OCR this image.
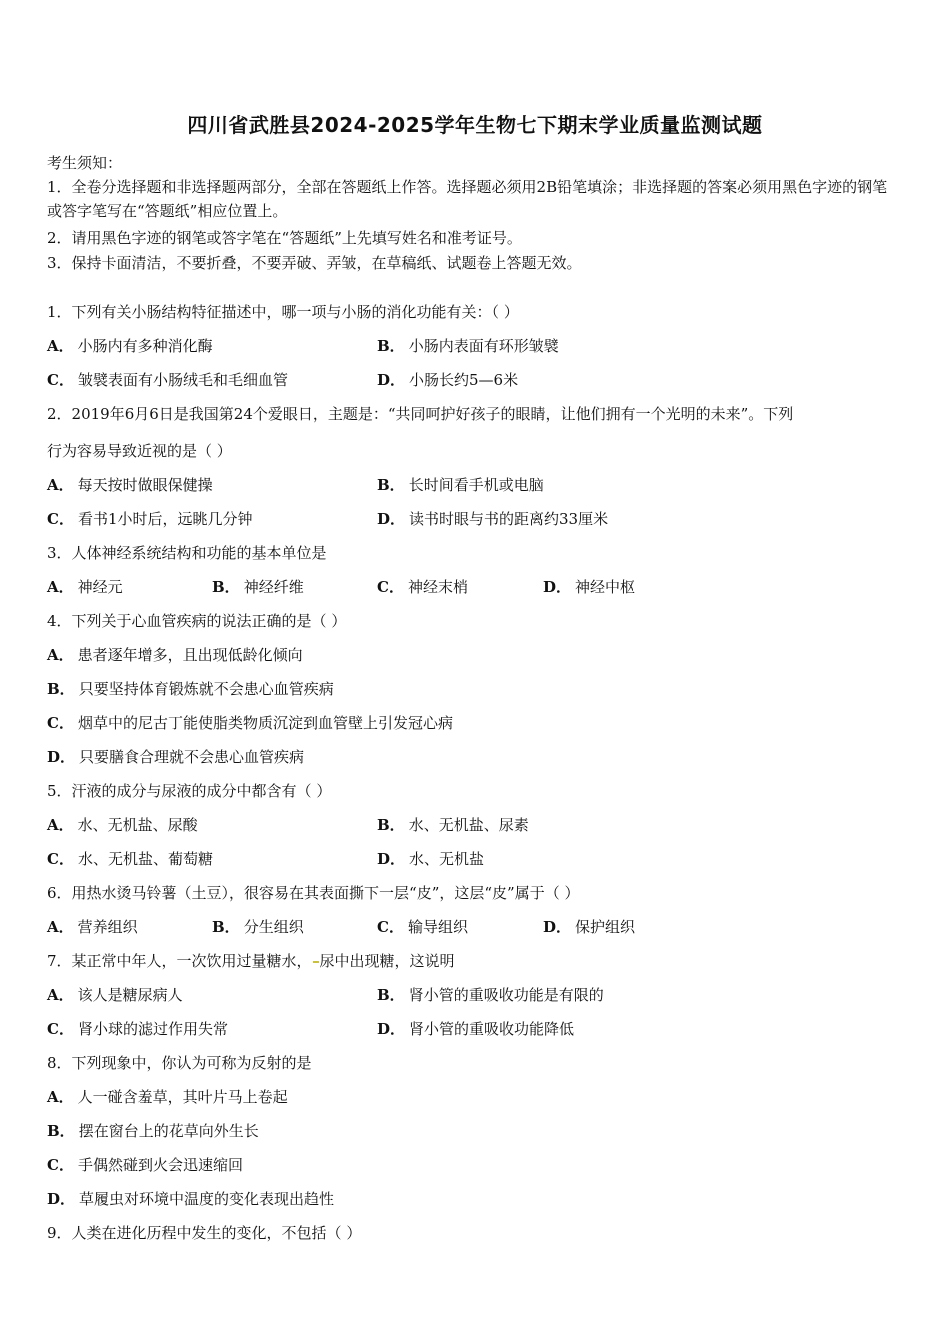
四川省武胜县2024-2025学年生物七下期末学业质量监测试题
考生须知：
1．全卷分选择题和非选择题两部分，全部在答题纸上作答。选择题必须用2B铅笔填涂；非选择题的答案必须用黑色字迹的钢笔或答字笔写在“答题纸”相应位置上。
2．请用黑色字迹的钢笔或答字笔在“答题纸”上先填写姓名和准考证号。
3．保持卡面清洁，不要折叠，不要弄破、弄皱，在草稿纸、试题卷上答题无效。
1．下列有关小肠结构特征描述中，哪一项与小肠的消化功能有关：（ ）
A． 小肠内有多种消化酶	B． 小肠内表面有环形皱襞
C． 皱襞表面有小肠绒毛和毛细血管	D． 小肠长约5—6米
2．2019年6月6日是我国第24个爱眼日，主题是：“共同呵护好孩子的眼睛，让他们拥有一个光明的未来”。下列
行为容易导致近视的是（ ）
A． 每天按时做眼保健操	B． 长时间看手机或电脑
C． 看书1小时后，远眺几分钟	D． 读书时眼与书的距离约33厘米
3．人体神经系统结构和功能的基本单位是
A． 神经元	B． 神经纤维	C． 神经末梢	D． 神经中枢
4．下列关于心血管疾病的说法正确的是（ ）
A． 患者逐年增多，且出现低龄化倾向
B． 只要坚持体育锻炼就不会患心血管疾病
C． 烟草中的尼古丁能使脂类物质沉淀到血管壁上引发冠心病
D． 只要膳食合理就不会患心血管疾病
5．汗液的成分与尿液的成分中都含有（ ）
A． 水、无机盐、尿酸	B． 水、无机盐、尿素
C． 水、无机盐、葡萄糖	D． 水、无机盐
6．用热水烫马铃薯（土豆），很容易在其表面撕下一层“皮”，这层“皮”属于（ ）
A． 营养组织	B． 分生组织	C． 输导组织	D． 保护组织
7．某正常中年人，一次饮用过量糖水， 尿中出现糖，这说明
A． 该人是糖尿病人	B． 肾小管的重吸收功能是有限的
C． 肾小球的滤过作用失常	D． 肾小管的重吸收功能降低
8．下列现象中，你认为可称为反射的是
A． 人一碰含羞草，其叶片马上卷起
B． 摆在窗台上的花草向外生长
C． 手偶然碰到火会迅速缩回
D． 草履虫对环境中温度的变化表现出趋性
9．人类在进化历程中发生的变化，不包括（ ）
